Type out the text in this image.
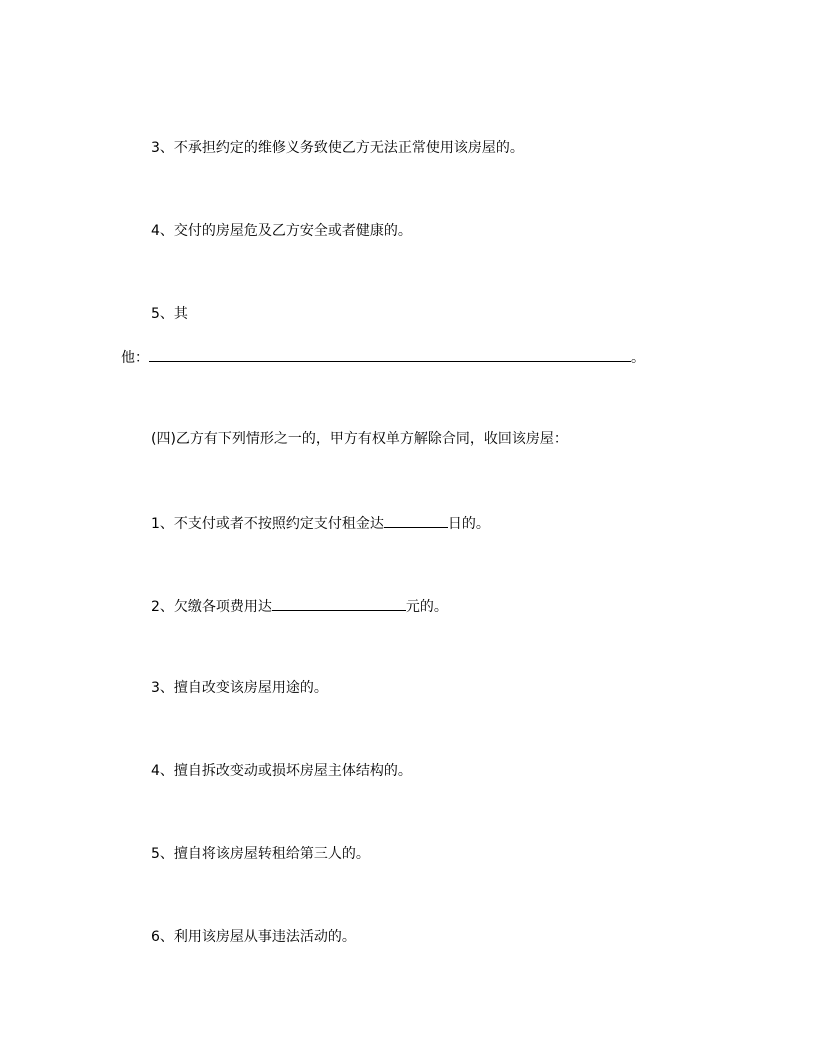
3、不承担约定的维修义务致使乙方无法正常使用该房屋的。
4、交付的房屋危及乙方安全或者健康的。
5、其
他：	。
(四)乙方有下列情形之一的，甲方有权单方解除合同，收回该房屋：
1、不支付或者不按照约定支付租金达	日的。
2、欠缴各项费用达	元的。
3、擅自改变该房屋用途的。
4、擅自拆改变动或损坏房屋主体结构的。
5、擅自将该房屋转租给第三人的。
6、利用该房屋从事违法活动的。
